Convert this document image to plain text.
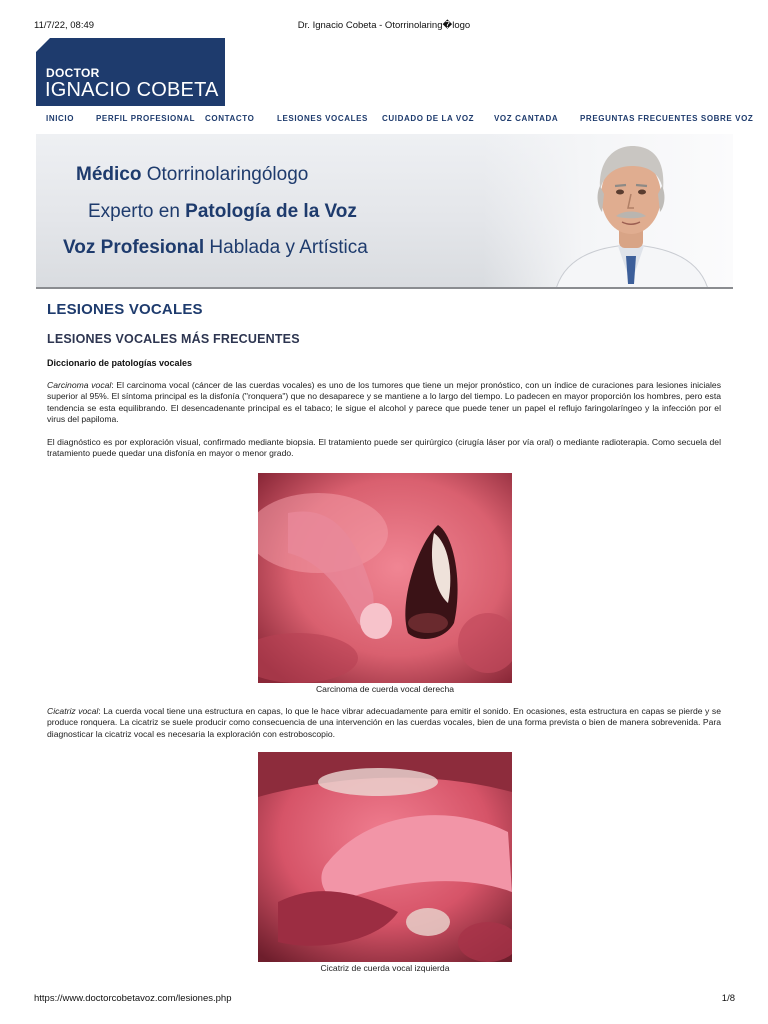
11/7/22, 08:49	Dr. Ignacio Cobeta - Otorrinolaring�logo
DOCTOR
IGNACIO COBETA
INICIO	PERFIL PROFESIONAL CONTACTO	LESIONES VOCALES CUIDADO DE LA VOZ VOZ CANTADA	PREGUNTAS FRECUENTES SOBRE VOZ
Médico Otorrinolaringólogo
Experto en Patología de la Voz
Voz Profesional Hablada y Artística
LESIONES VOCALES
LESIONES VOCALES MÁS FRECUENTES
Diccionario de patologías vocales

Carcinoma vocal: El carcinoma vocal (cáncer de las cuerdas vocales) es uno de los tumores que tiene un mejor pronóstico, con un índice de curaciones para lesiones iniciales superior al 95%. El síntoma principal es la disfonía ("ronquera") que no desaparece y se mantiene a lo largo del tiempo. Lo padecen en mayor proporción los hombres, pero esta tendencia se esta equilibrando. El desencadenante principal es el tabaco; le sigue el alcohol y parece que puede tener un papel el reflujo faringolaríngeo y la infección por el virus del papiloma.

El diagnóstico es por exploración visual, confirmado mediante biopsia. El tratamiento puede ser quirúrgico (cirugía láser por vía oral) o mediante radioterapia. Como secuela del tratamiento puede quedar una disfonía en mayor o menor grado.

Carcinoma de cuerda vocal derecha

Cicatriz vocal: La cuerda vocal tiene una estructura en capas, lo que le hace vibrar adecuadamente para emitir el sonido. En ocasiones, esta estructura en capas se pierde y se produce ronquera. La cicatriz se suele producir como consecuencia de una intervención en las cuerdas vocales, bien de una forma prevista o bien de manera sobrevenida. Para diagnosticar la cicatriz vocal es necesaria la exploración con estroboscopio.

Cicatriz de cuerda vocal izquierda
https://www.doctorcobetavoz.com/lesiones.php	1/8
